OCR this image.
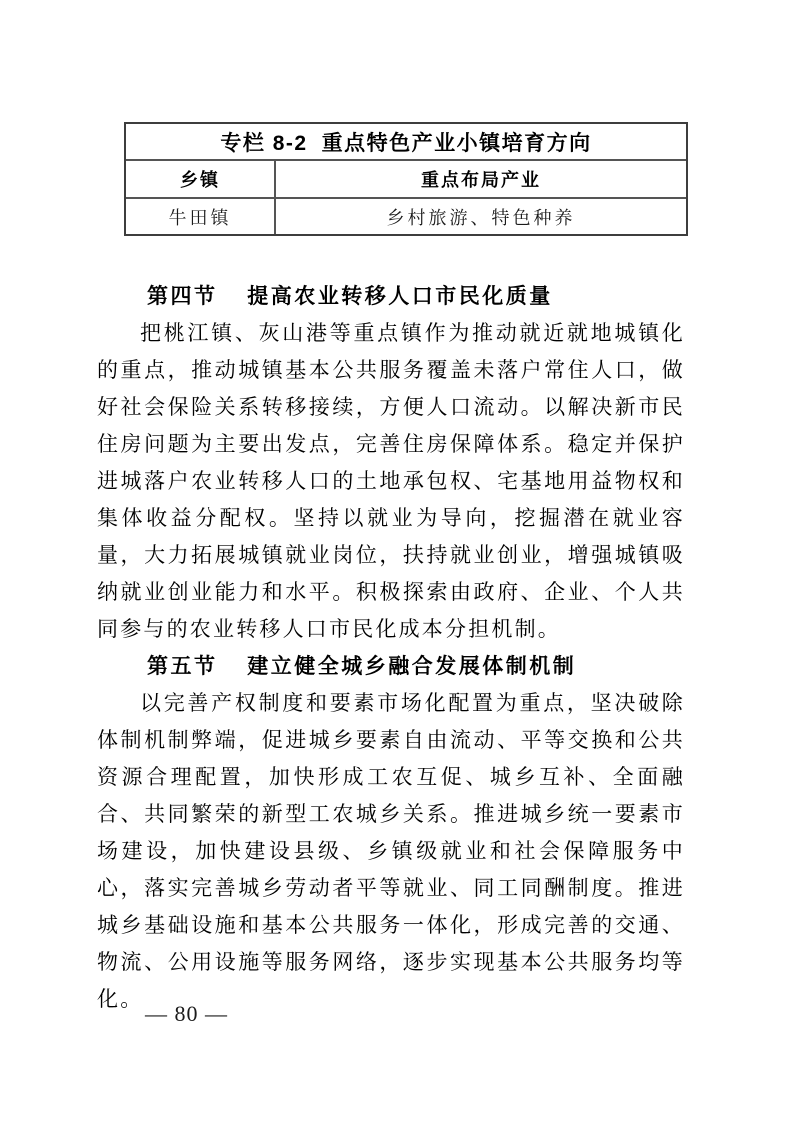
专栏 8-2 重点特色产业小镇培育方向
乡镇	重点布局产业
牛田镇	乡村旅游、特色种养
第四节 提高农业转移人口市民化质量

把桃江镇、灰山港等重点镇作为推动就近就地城镇化的重点，推动城镇基本公共服务覆盖未落户常住人口，做好社会保险关系转移接续，方便人口流动。以解决新市民住房问题为主要出发点，完善住房保障体系。稳定并保护进城落户农业转移人口的土地承包权、宅基地用益物权和集体收益分配权。坚持以就业为导向，挖掘潜在就业容量，大力拓展城镇就业岗位，扶持就业创业，增强城镇吸纳就业创业能力和水平。积极探索由政府、企业、个人共同参与的农业转移人口市民化成本分担机制。

第五节 建立健全城乡融合发展体制机制

以完善产权制度和要素市场化配置为重点，坚决破除体制机制弊端，促进城乡要素自由流动、平等交换和公共资源合理配置，加快形成工农互促、城乡互补、全面融合、共同繁荣的新型工农城乡关系。推进城乡统一要素市场建设，加快建设县级、乡镇级就业和社会保障服务中心，落实完善城乡劳动者平等就业、同工同酬制度。推进城乡基础设施和基本公共服务一体化，形成完善的交通、物流、公用设施等服务网络，逐步实现基本公共服务均等化。

— 80 —
